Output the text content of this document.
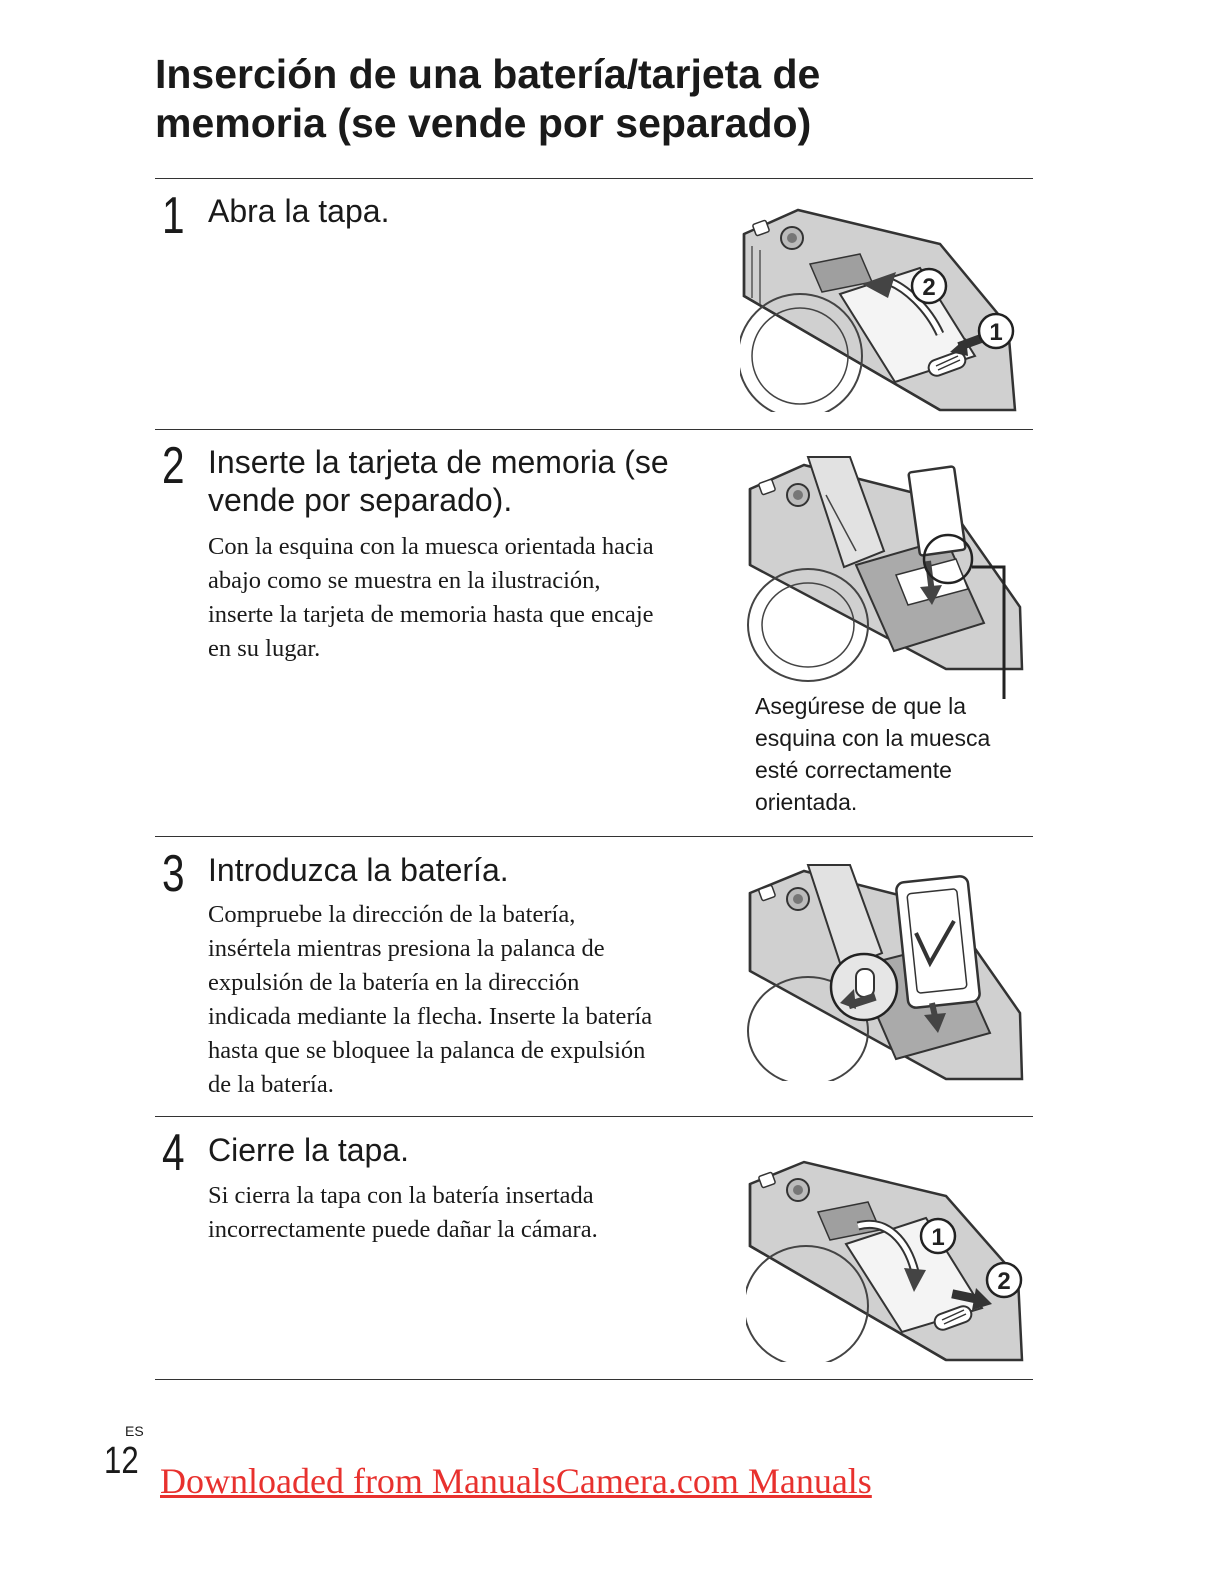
Inserción de una batería/tarjeta de
memoria (se vende por separado)
1 Abra la tapa.
2
1
2 Inserte la tarjeta de memoria (se
vende por separado).
Con la esquina con la muesca orientada hacia
abajo como se muestra en la ilustración,
inserte la tarjeta de memoria hasta que encaje
en su lugar.
Asegúrese de que la
esquina con la muesca
esté correctamente
orientada.
3 Introduzca la batería.
Compruebe la dirección de la batería,
insértela mientras presiona la palanca de
expulsión de la batería en la dirección
indicada mediante la flecha. Inserte la batería
hasta que se bloquee la palanca de expulsión
de la batería.
4 Cierre la tapa.
Si cierra la tapa con la batería insertada
incorrectamente puede dañar la cámara.	1
2
ES
12 Downloaded from ManualsCamera.com Manuals
